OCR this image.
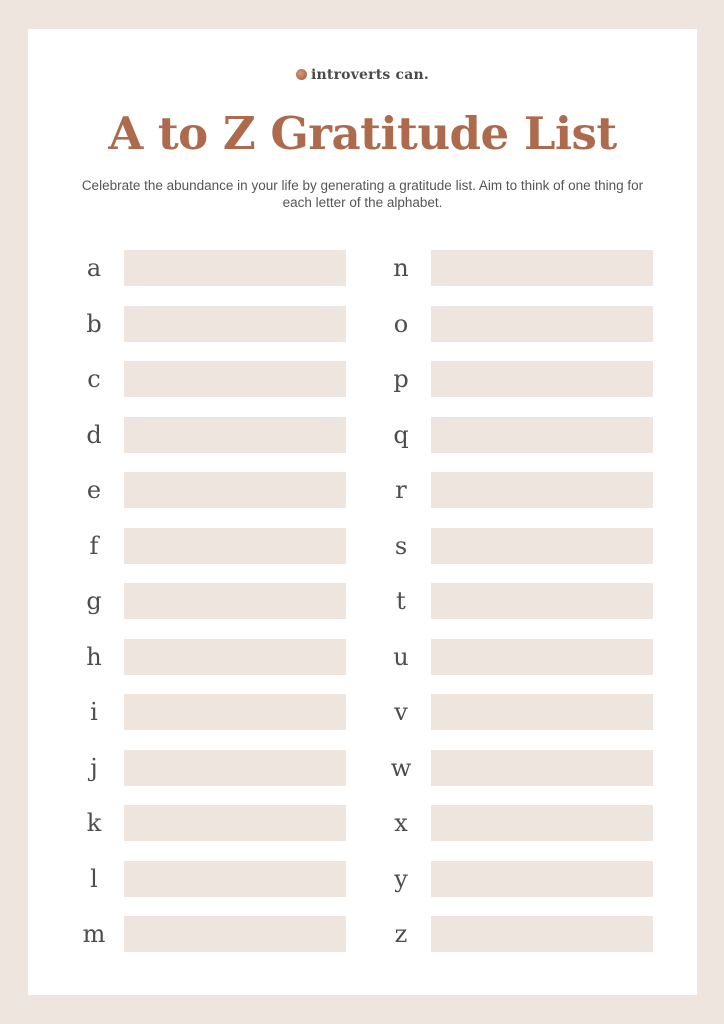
introverts can.
A to Z Gratitude List

Celebrate the abundance in your life by generating a gratitude list. Aim to think of one thing for each letter of the alphabet.

a
b
c
d
e
f
g
h
i
j
k
l
m
n
o
p
q
r
s
t
u
v
w
x
y
z
